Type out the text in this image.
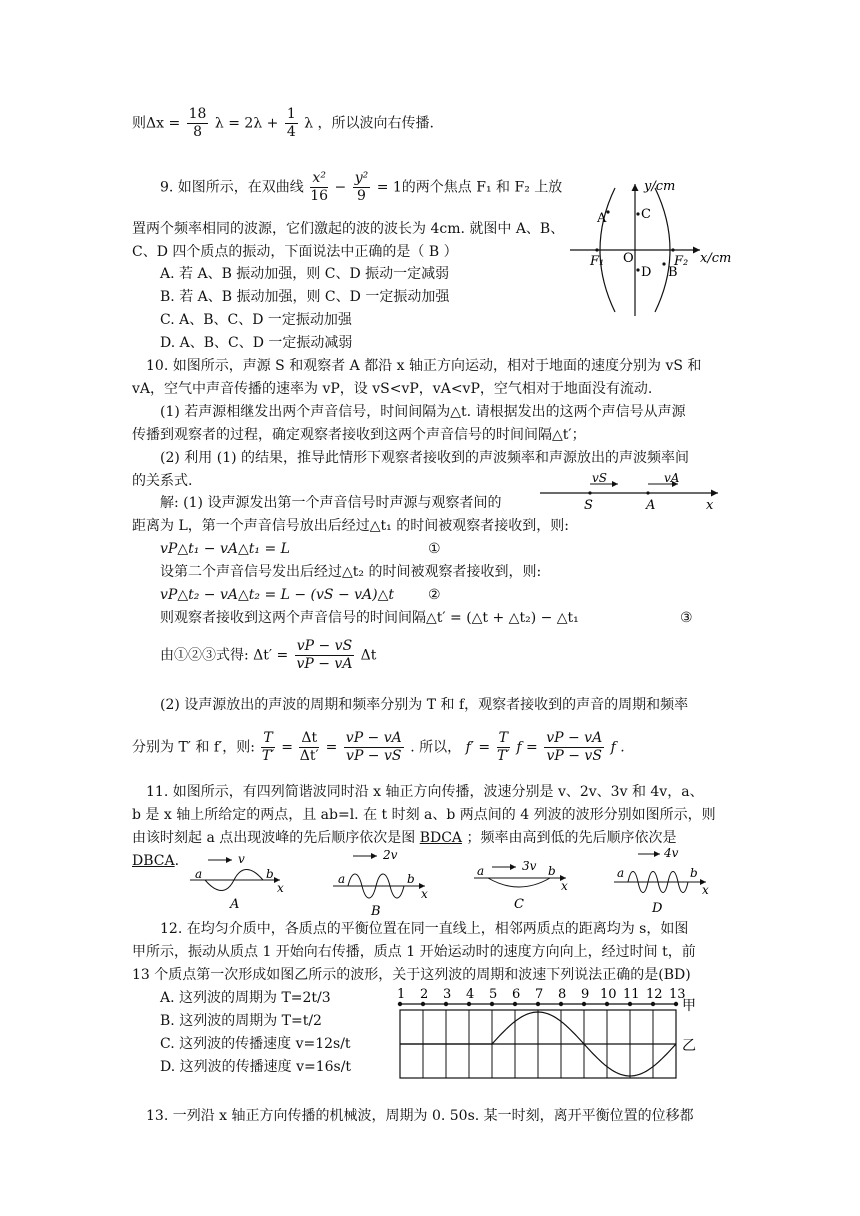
则$\Delta x = \frac{18}{8}$ $\lambda = 2\lambda + \frac{1}{4}$ λ ，所以波向右传播.
9. 如图所示，在双曲线 $\frac{\text{x²}}{16} - \frac{\text{y²}}{9} = 1$的两个焦点 F₁ 和 F₂ 上放
置两个频率相同的波源，它们激起的波的波长为 4cm. 就图中 A、B、
C、D 四个质点的振动，下面说法中正确的是（ B ）
A. 若 A、B 振动加强，则 C、D 振动一定减弱
B. 若 A、B 振动加强，则 C、D 一定振动加强
C. A、B、C、D 一定振动加强
D. A、B、C、D 一定振动减弱
y/cm
x/cm
O
F₁	F₂
A	C
D B
10. 如图所示，声源 S 和观察者 A 都沿 x 轴正方向运动，相对于地面的速度分别为 vS 和
vA，空气中声音传播的速率为 vP，设 vS<vP，vA<vP，空气相对于地面没有流动.
(1) 若声源相继发出两个声音信号，时间间隔为△t. 请根据发出的这两个声信号从声源
传播到观察者的过程，确定观察者接收到这两个声音信号的时间间隔△t′；
(2) 利用 (1) 的结果，推导此情形下观察者接收到的声波频率和声源放出的声波频率间
的关系式.
解: (1) 设声源发出第一个声音信号时声源与观察者间的
距离为 L，第一个声音信号放出后经过△t₁ 的时间被观察者接收到，则:
vP△t₁ − vA△t₁ = L	①
设第二个声音信号发出后经过△t₂ 的时间被观察者接收到，则:
vP△t₂ − vA△t₂ = L − (vS − vA)△t ②
则观察者接收到这两个声音信号的时间间隔△t′ = (△t + △t₂) − △t₁	③
由①②③式得: $\Delta t' = \frac{vP - vS}{vP - vA}$ Δt
(2) 设声源放出的声波的周期和频率分别为 T 和 f，观察者接收到的声音的周期和频率
分别为 T′ 和 f′，则: $\frac{T}{T'} = \frac{\Delta t}{\Delta t'} = \frac{vP - vA}{vP - vS}$ . 所以， $f' = \frac{T}{T'}$ $f = \frac{vP - vA}{vP - vS}$ f .
vS	vA
S	A	x
11. 如图所示，有四列简谐波同时沿 x 轴正方向传播，波速分别是 v、2v、3v 和 4v，a、
b 是 x 轴上所给定的两点，且 ab=l. 在 t 时刻 a、b 两点间的 4 列波的波形分别如图所示，则
由该时刻起 a 点出现波峰的先后顺序依次是图 BDCA ；频率由高到低的先后顺序依次是
DBCA.	v
a	b
x
A
2v
a	b
x
B
3v
a	b
x
C
4v
a	b
x
D
12. 在均匀介质中，各质点的平衡位置在同一直线上，相邻两质点的距离均为 s，如图
甲所示，振动从质点 1 开始向右传播，质点 1 开始运动时的速度方向向上，经过时间 t，前
13 个质点第一次形成如图乙所示的波形，关于这列波的周期和波速下列说法正确的是(BD)
A. 这列波的周期为 T=2t/3
B. 这列波的周期为 T=t/2
C. 这列波的传播速度 v=12s/t
D. 这列波的传播速度 v=16s/t
1 2 3 4 5 6 7 8 9 10 11 12 13
甲
乙
13. 一列沿 x 轴正方向传播的机械波，周期为 0. 50s. 某一时刻，离开平衡位置的位移都
